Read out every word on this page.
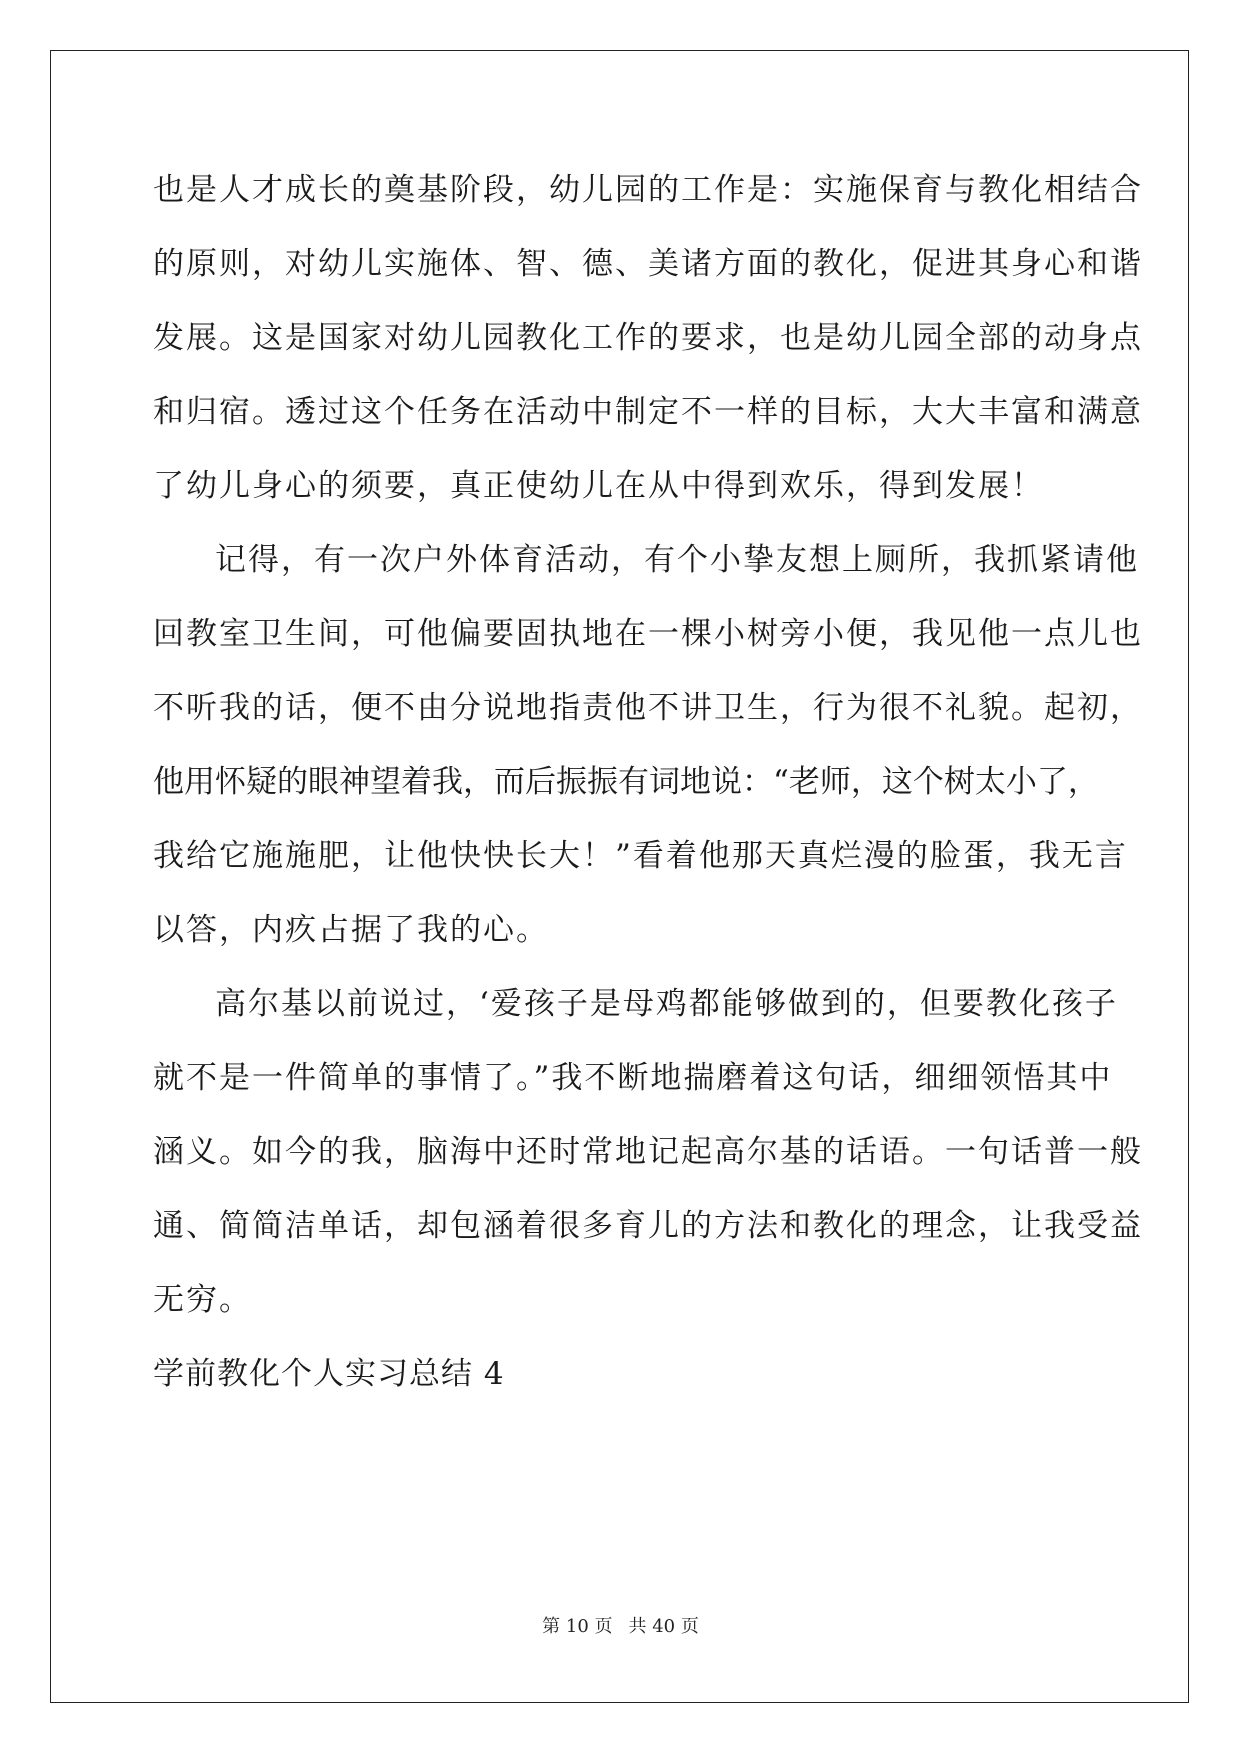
也是人才成长的奠基阶段，幼儿园的工作是：实施保育与教化相结合
的原则，对幼儿实施体、智、德、美诸方面的教化，促进其身心和谐
发展。这是国家对幼儿园教化工作的要求，也是幼儿园全部的动身点
和归宿。透过这个任务在活动中制定不一样的目标，大大丰富和满意
了幼儿身心的须要，真正使幼儿在从中得到欢乐，得到发展！
记得，有一次户外体育活动，有个小挚友想上厕所，我抓紧请他
回教室卫生间，可他偏要固执地在一棵小树旁小便，我见他一点儿也
不听我的话，便不由分说地指责他不讲卫生，行为很不礼貌。起初，
他用怀疑的眼神望着我，而后振振有词地说：“老师，这个树太小了，
我给它施施肥，让他快快长大！”看着他那天真烂漫的脸蛋，我无言
以答，内疚占据了我的心。
高尔基以前说过，‘爱孩子是母鸡都能够做到的，但要教化孩子
就不是一件简单的事情了。”我不断地揣磨着这句话，细细领悟其中
涵义。如今的我，脑海中还时常地记起高尔基的话语。一句话普一般
通、简简洁单话，却包涵着很多育儿的方法和教化的理念，让我受益
无穷。
学前教化个人实习总结 4
第 10 页 共 40 页
